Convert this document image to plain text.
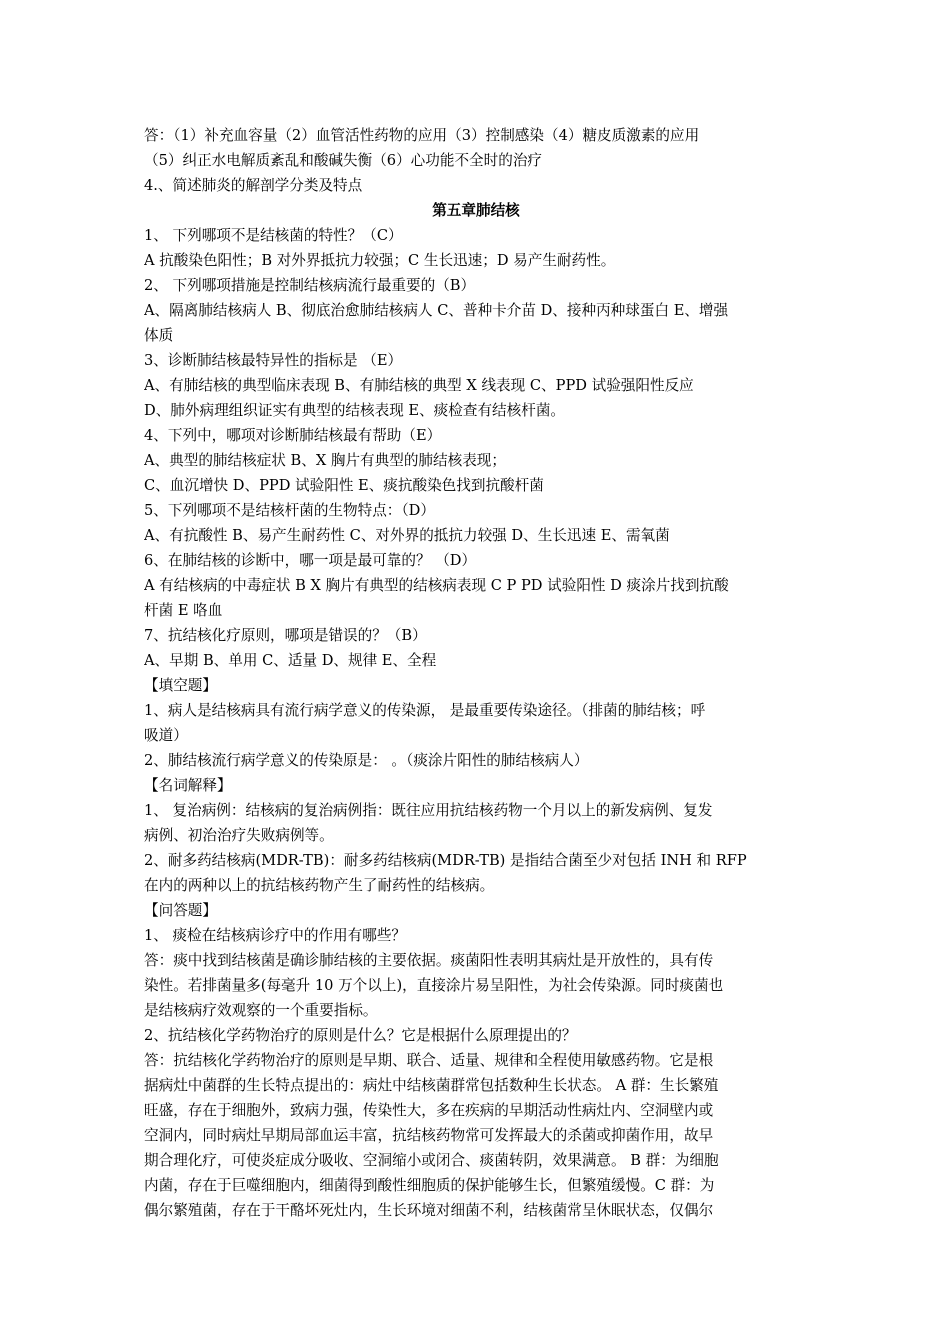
答：（1）补充血容量（2）血管活性药物的应用（3）控制感染（4）糖皮质激素的应用
（5）纠正水电解质紊乱和酸碱失衡（6）心功能不全时的治疗
4.、简述肺炎的解剖学分类及特点
第五章肺结核
1、 下列哪项不是结核菌的特性？（C）
A 抗酸染色阳性；B 对外界抵抗力较强；C 生长迅速；D 易产生耐药性。
2、 下列哪项措施是控制结核病流行最重要的（B）
A、隔离肺结核病人 B、彻底治愈肺结核病人 C、普种卡介苗 D、接种丙种球蛋白 E、增强
体质
3、诊断肺结核最特异性的指标是 （E）
A、有肺结核的典型临床表现 B、有肺结核的典型 X 线表现 C、PPD 试验强阳性反应
D、肺外病理组织证实有典型的结核表现 E、痰检查有结核杆菌。
4、下列中，哪项对诊断肺结核最有帮助（E）
A、典型的肺结核症状 B、X 胸片有典型的肺结核表现；
C、血沉增快 D、PPD 试验阳性 E、痰抗酸染色找到抗酸杆菌
5、下列哪项不是结核杆菌的生物特点：（D）
A、有抗酸性 B、易产生耐药性 C、对外界的抵抗力较强 D、生长迅速 E、需氧菌
6、在肺结核的诊断中，哪一项是最可靠的？ （D）
A 有结核病的中毒症状 B X 胸片有典型的结核病表现 C P PD 试验阳性 D 痰涂片找到抗酸
杆菌 E 咯血
7、抗结核化疗原则，哪项是错误的？（B）
A、早期 B、单用 C、适量 D、规律 E、全程
【填空题】
1、病人是结核病具有流行病学意义的传染源， 是最重要传染途径。（排菌的肺结核；呼
吸道）
2、肺结核流行病学意义的传染原是： 。（痰涂片阳性的肺结核病人）
【名词解释】
1、 复治病例：结核病的复治病例指：既往应用抗结核药物一个月以上的新发病例、复发
病例、初治治疗失败病例等。
2、耐多药结核病(MDR-TB)：耐多药结核病(MDR-TB) 是指结合菌至少对包括 INH 和 RFP
在内的两种以上的抗结核药物产生了耐药性的结核病。
【问答题】
1、 痰检在结核病诊疗中的作用有哪些？
答：痰中找到结核菌是确诊肺结核的主要依据。痰菌阳性表明其病灶是开放性的，具有传
染性。若排菌量多(每毫升 10 万个以上)，直接涂片易呈阳性，为社会传染源。同时痰菌也
是结核病疗效观察的一个重要指标。
2、抗结核化学药物治疗的原则是什么？它是根据什么原理提出的？
答：抗结核化学药物治疗的原则是早期、联合、适量、规律和全程使用敏感药物。它是根
据病灶中菌群的生长特点提出的：病灶中结核菌群常包括数种生长状态。 A 群：生长繁殖
旺盛，存在于细胞外，致病力强，传染性大，多在疾病的早期活动性病灶内、空洞壁内或
空洞内，同时病灶早期局部血运丰富，抗结核药物常可发挥最大的杀菌或抑菌作用，故早
期合理化疗，可使炎症成分吸收、空洞缩小或闭合、痰菌转阴，效果满意。 B 群：为细胞
内菌，存在于巨噬细胞内，细菌得到酸性细胞质的保护能够生长，但繁殖缓慢。C 群：为
偶尔繁殖菌，存在于干酪坏死灶内，生长环境对细菌不利，结核菌常呈休眠状态，仅偶尔
